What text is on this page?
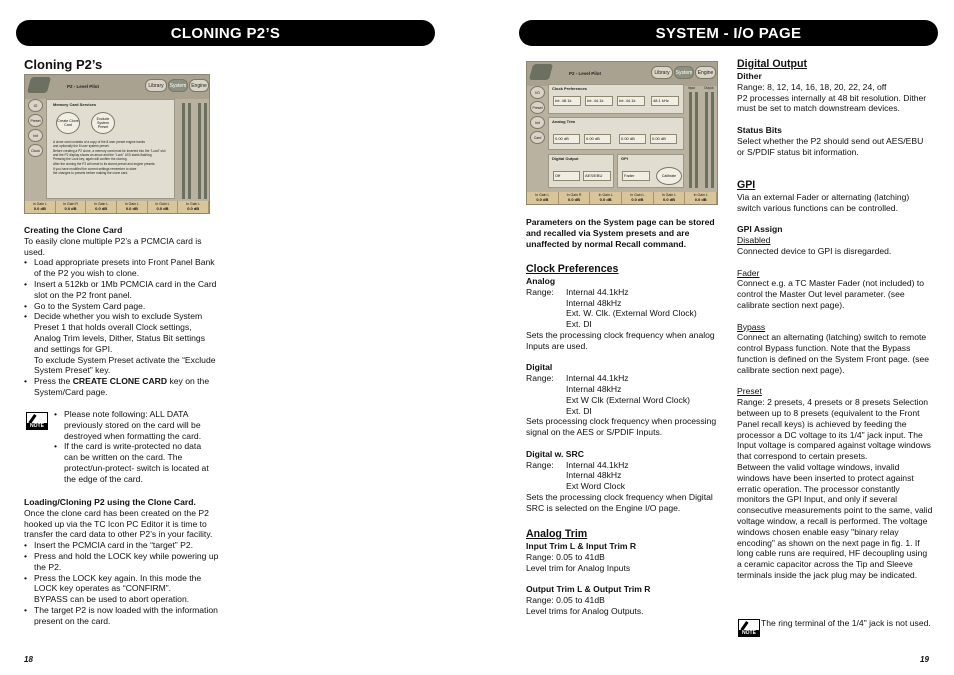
CLONING P2’S
Cloning P2’s
P2 - Level Pilot	Library	System Engine
IO
Preset
Init
Clock
Memory Card Services
Create Clone Card
Exclude System Preset
A clone card consists of a copy of the 8 user preset engine banks
and optionally the 8 user system preset.
Before creating a P2 clone, a memory card must be inserted into the "Load" slot
and the P2 display shows an arrow and the "Lock" LED starts flashing.
Pressing the Lock key, again will confirm the cloning.
After the cloning the P2 will reset to its stored preset and engine presets.
If you have modified the current settings remember to store
the changes to presets before making the clone card.
In Gain L
0.0 dB
In Gain R
0.0 dB
In Gain L
0.0 dB
In Gain L
0.0 dB
In Gain L
0.0 dB
In Gain L
0.0 dB

Creating the Clone Card

To easily clone multiple P2’s a PCMCIA card is used.

• Load appropriate presets into Front Panel Bank of the P2 you wish to clone.

• Insert a 512kb or 1Mb PCMCIA card in the Card slot on the P2 front panel.

• Go to the System Card page.

• Decide whether you wish to exclude System Preset 1 that holds overall Clock settings, Analog Trim levels, Dither, Status Bit settings and settings for GPI.

To exclude System Preset activate the “Exclude System Preset” key.

• Press the CREATE CLONE CARD key on the System/Card page.

NOTE

• Please note following: ALL DATA previously stored on the card will be destroyed when formatting the card.

• If the card is write-protected no data can be written on the card. The protect/un-protect- switch is located at the edge of the card.

Loading/Cloning P2 using the Clone Card.

Once the clone card has been created on the P2 hooked up via the TC Icon PC Editor it is time to transfer the card data to other P2’s in your facility.

• Insert the PCMCIA card in the “target” P2.

• Press and hold the LOCK key while powering up the P2.

• Press the LOCK key again. In this mode the LOCK key operates as “CONFIRM”.

BYPASS can be used to abort operation.

• The target P2 is now loaded with the information present on the card.

18
SYSTEM - I/O PAGE
P2 - Level Pilot	Library	System	Engine
I/O
Preset
Init
Card
Clock Preferences
Int. 48.1k	Int. 44.1k	Int. 44.1k	48.1 kHz
Analog Trim
0.00 dB	0.00 dB	0.00 dB	0.00 dB
Digital Output
Off	AES/EBU
GPI
Fader	Calibrate
Input	Output
In Gain L
0.0 dB
In Gain R
0.0 dB
In Gain L
0.0 dB
In Gain L
0.0 dB
In Gain L
0.0 dB
In Gain L
0.0 dB

Parameters on the System page can be stored and recalled via System presets and are unaffected by normal Recall command.

Clock Preferences

Analog

Range:	Internal 44.1kHz
Internal 48kHz
Ext. W. Clk. (External Word Clock)
Ext. DI

Sets the processing clock frequency when analog Inputs are used.

Digital

Range:	Internal 44.1kHz
Internal 48kHz
Ext W Clk (External Word Clock)
Ext. DI

Sets processing clock frequency when processing signal on the AES or S/PDIF Inputs.

Digital w. SRC

Range:	Internal 44.1kHz
Internal 48kHz
Ext Word Clock

Sets the processing clock frequency when Digital SRC is selected on the Engine I/O page.

Analog Trim

Input Trim L & Input Trim R

Range: 0.05 to 41dB

Level trim for Analog Inputs

Output Trim L & Output Trim R

Range: 0.05 to 41dB

Level trims for Analog Outputs.

Digital Output

Dither

Range: 8, 12, 14, 16, 18, 20, 22, 24, off

P2 processes internally at 48 bit resolution. Dither must be set to match downstream devices.

Status Bits

Select whether the P2 should send out AES/EBU or S/PDIF status bit information.

GPI

Via an external Fader or alternating (latching) switch various functions can be controlled.

GPI Assign

Disabled

Connected device to GPI is disregarded.

Fader

Connect e.g. a TC Master Fader (not included) to control the Master Out level parameter. (see calibrate section next page).

Bypass

Connect an alternating (latching) switch to remote control Bypass function. Note that the Bypass function is defined on the System Front page. (see calibrate section next page).

Preset

Range: 2 presets, 4 presets or 8 presets Selection between up to 8 presets (equivalent to the Front Panel recall keys) is achieved by feeding the processor a DC voltage to its 1/4" jack input. The Input voltage is compared against voltage windows that correspond to certain presets.

Between the valid voltage windows, invalid windows have been inserted to protect against erratic operation. The processor constantly monitors the GPI Input, and only if several consecutive measurements point to the same, valid voltage window, a recall is performed. The voltage windows chosen enable easy "binary relay encoding" as shown on the next page in fig. 1. If long cable runs are required, HF decoupling using a ceramic capacitor across the Tip and Sleeve terminals inside the jack plug may be indicated.

NOTE
The ring terminal of the 1/4" jack is not used.
19
